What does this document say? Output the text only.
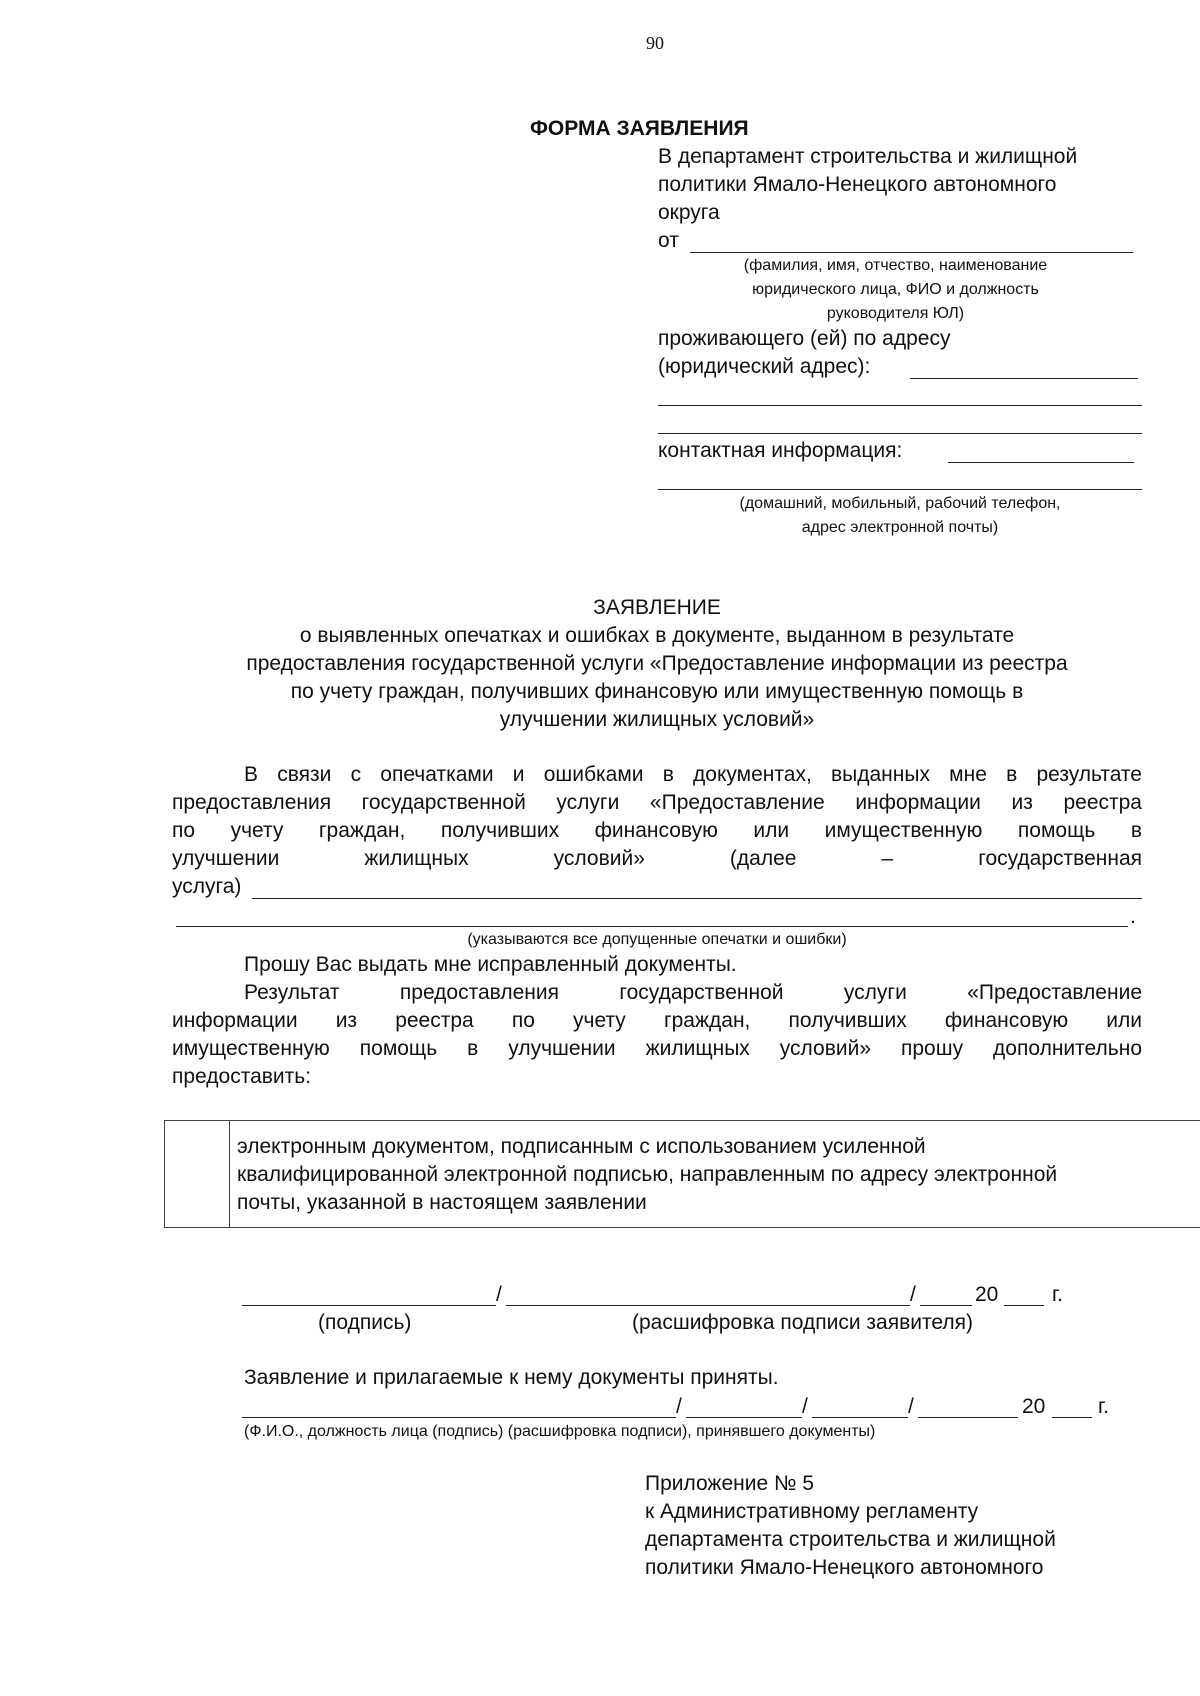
90
ФОРМА ЗАЯВЛЕНИЯ
В департамент строительства и жилищной
политики Ямало-Ненецкого автономного
округа
от
(фамилия, имя, отчество, наименование
юридического лица, ФИО и должность
руководителя ЮЛ)
проживающего (ей) по адресу
(юридический адрес):
контактная информация:
(домашний, мобильный, рабочий телефон,
адрес электронной почты)
ЗАЯВЛЕНИЕ
о выявленных опечатках и ошибках в документе, выданном в результате
предоставления государственной услуги «Предоставление информации из реестра
по учету граждан, получивших финансовую или имущественную помощь в
улучшении жилищных условий»
В связи с опечатками и ошибками в документах, выданных мне в результате
предоставления государственной услуги «Предоставление информации из реестра
по учету граждан, получивших финансовую или имущественную помощь в
улучшении жилищных условий» (далее – государственная
услуга)
.
(указываются все допущенные опечатки и ошибки)
Прошу Вас выдать мне исправленный документы.
Результат предоставления государственной услуги «Предоставление
информации из реестра по учету граждан, получивших финансовую или
имущественную помощь в улучшении жилищных условий» прошу дополнительно
предоставить:
электронным документом, подписанным с использованием усиленной
квалифицированной электронной подписью, направленным по адресу электронной
почты, указанной в настоящем заявлении
/	/	20	г.
(подпись)	(расшифровка подписи заявителя)
Заявление и прилагаемые к нему документы приняты.
/	/	/	20	г.
(Ф.И.О., должность лица (подпись) (расшифровка подписи), принявшего документы)
Приложение № 5
к Административному регламенту
департамента строительства и жилищной
политики Ямало-Ненецкого автономного
